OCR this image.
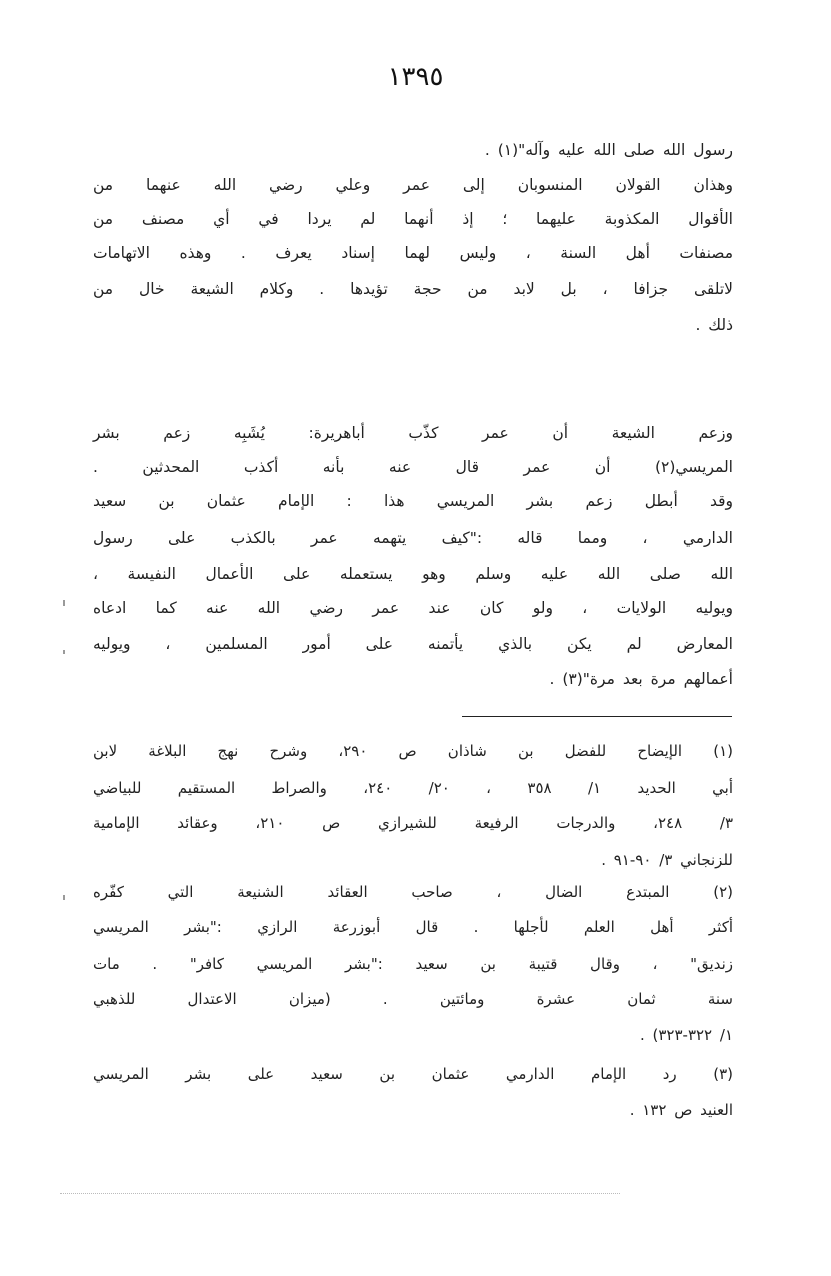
١٣٩٥
رسول الله صلى الله عليه وآله"(١) .
وهذان القولان المنسوبان إلى عمر وعلي رضي الله عنهما من
الأقوال المكذوبة عليهما ؛ إذ أنهما لم يردا في أي مصنف من
مصنفات أهل السنة ، وليس لهما إسناد يعرف . وهذه الاتهامات
لاتلقى جزافا ، بل لابد من حجة تؤيدها . وكلام الشيعة خال من
ذلك .
وزعم الشيعة أن عمر كذّب أباهريرة: يُشَبِه زعم بشر
المريسي(٢) أن عمر قال عنه بأنه أكذب المحدثين .
وقد أبطل زعم بشر المريسي هذا : الإمام عثمان بن سعيد
الدارمي ، ومما قاله :"كيف يتهمه عمر بالكذب على رسول
الله صلى الله عليه وسلم وهو يستعمله على الأعمال النفيسة ،
ويوليه الولايات ، ولو كان عند عمر رضي الله عنه كما ادعاه
المعارض لم يكن بالذي يأتمنه على أمور المسلمين ، ويوليه
أعمالهم مرة بعد مرة"(٣) .
(١) الإيضاح للفضل بن شاذان ص ٢٩٠، وشرح نهج البلاغة لابن
أبي الحديد ١/ ٣٥٨ ، ٢٠/ ٢٤٠، والصراط المستقيم للبياضي
٣/ ٢٤٨، والدرجات الرفيعة للشيرازي ص ٢١٠، وعقائد الإمامية
للزنجاني ٣/ ٩٠-٩١ .
(٢) المبتدع الضال ، صاحب العقائد الشنيعة التي كفّره
أكثر أهل العلم لأجلها . قال أبوزرعة الرازي :"بشر المريسي
زنديق" ، وقال قتيبة بن سعيد :"بشر المريسي كافر" . مات
سنة ثمان عشرة ومائتين . (ميزان الاعتدال للذهبي
١/ ٣٢٢-٣٢٣) .
(٣) رد الإمام الدارمي عثمان بن سعيد على بشر المريسي
العنيد ص ١٣٢ .
